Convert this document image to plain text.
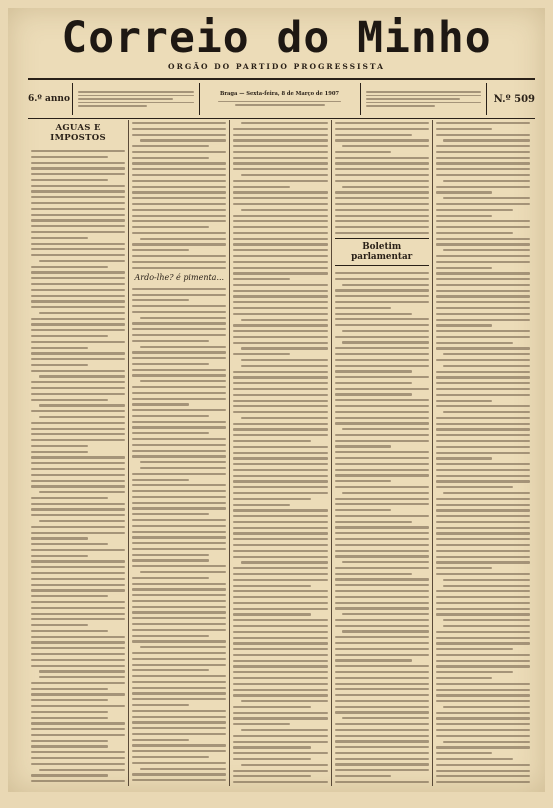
Correio do Minho
ORGÃO DO PARTIDO PROGRESSISTA
6.º anno	Braga — Sexta-feira, 8 de Março de 1907	N.º 509
AGUAS E IMPOSTOS
Ardo-lhe? é pimenta...
Boletim parlamentar
